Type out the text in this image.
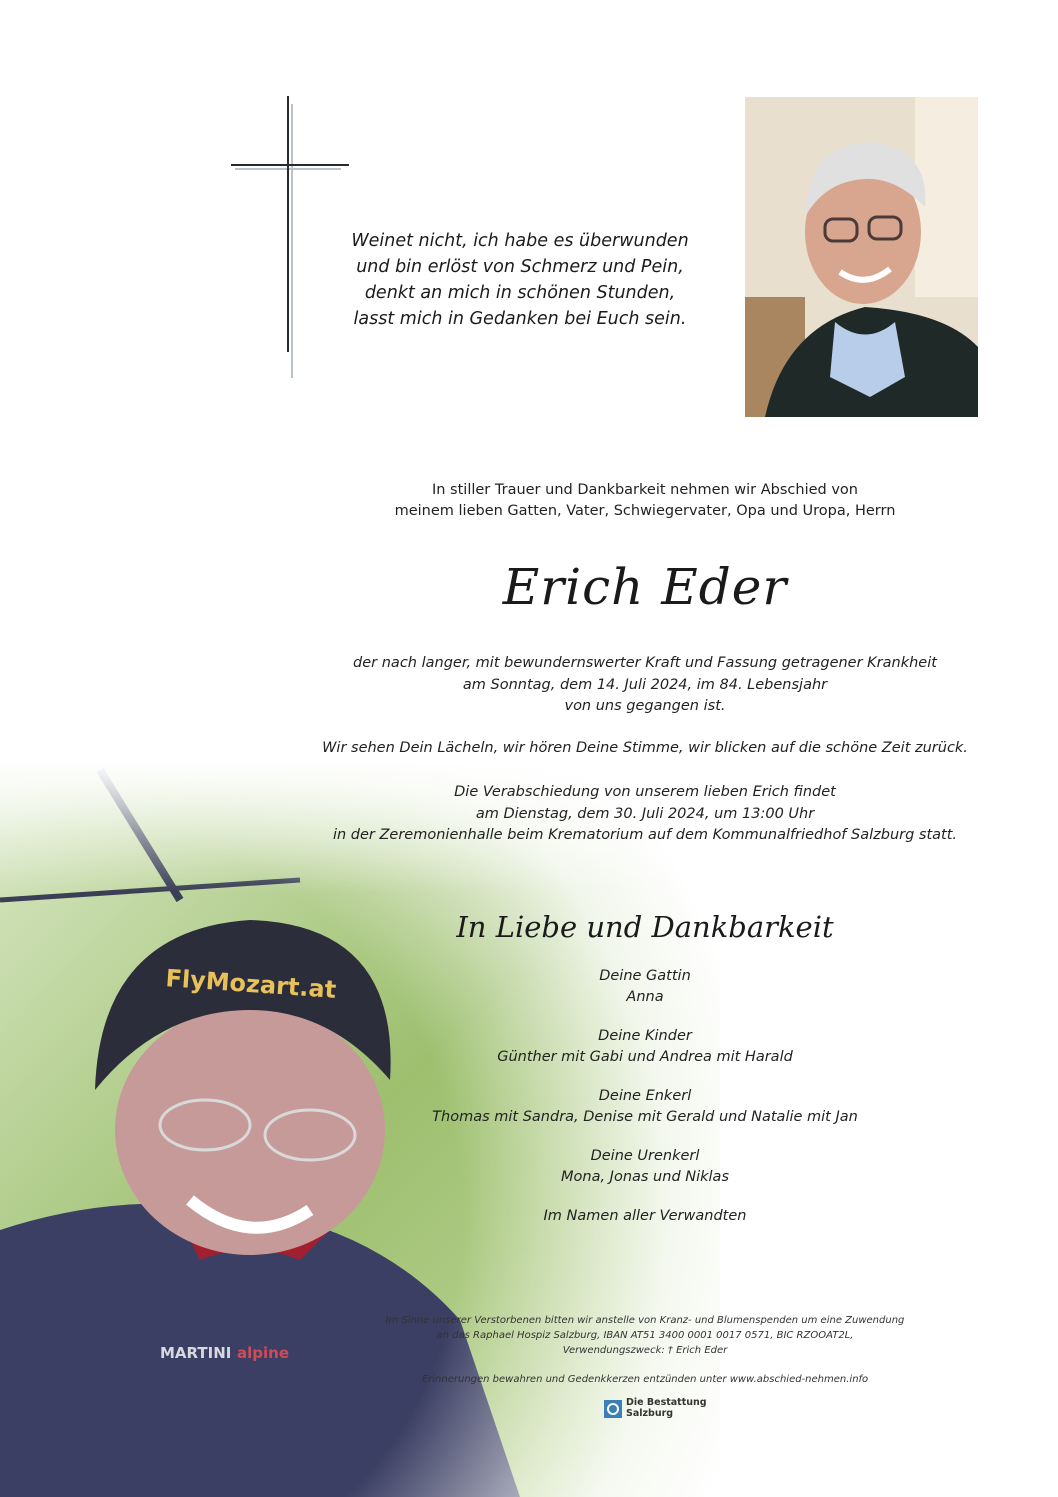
Weinet nicht, ich habe es überwunden
und bin erlöst von Schmerz und Pein,
denkt an mich in schönen Stunden,
lasst mich in Gedanken bei Euch sein.
In stiller Trauer und Dankbarkeit nehmen wir Abschied von
meinem lieben Gatten, Vater, Schwiegervater, Opa und Uropa, Herrn
Erich Eder
der nach langer, mit bewundernswerter Kraft und Fassung getragener Krankheit
am Sonntag, dem 14. Juli 2024, im 84. Lebensjahr
von uns gegangen ist.
Wir sehen Dein Lächeln, wir hören Deine Stimme, wir blicken auf die schöne Zeit zurück.
Die Verabschiedung von unserem lieben Erich findet
am Dienstag, dem 30. Juli 2024, um 13:00 Uhr
in der Zeremonienhalle beim Krematorium auf dem Kommunalfriedhof Salzburg statt.
In Liebe und Dankbarkeit
Deine Gattin
Anna
Deine Kinder
Günther mit Gabi und Andrea mit Harald
Deine Enkerl
Thomas mit Sandra, Denise mit Gerald und Natalie mit Jan
Deine Urenkerl
Mona, Jonas und Niklas
Im Namen aller Verwandten
Im Sinne unserer Verstorbenen bitten wir anstelle von Kranz- und Blumenspenden um eine Zuwendung
an das Raphael Hospiz Salzburg, IBAN AT51 3400 0001 0017 0571, BIC RZOOAT2L,
Verwendungszweck: † Erich Eder
Erinnerungen bewahren und Gedenkkerzen entzünden unter www.abschied-nehmen.info
Die Bestattung
Salzburg
